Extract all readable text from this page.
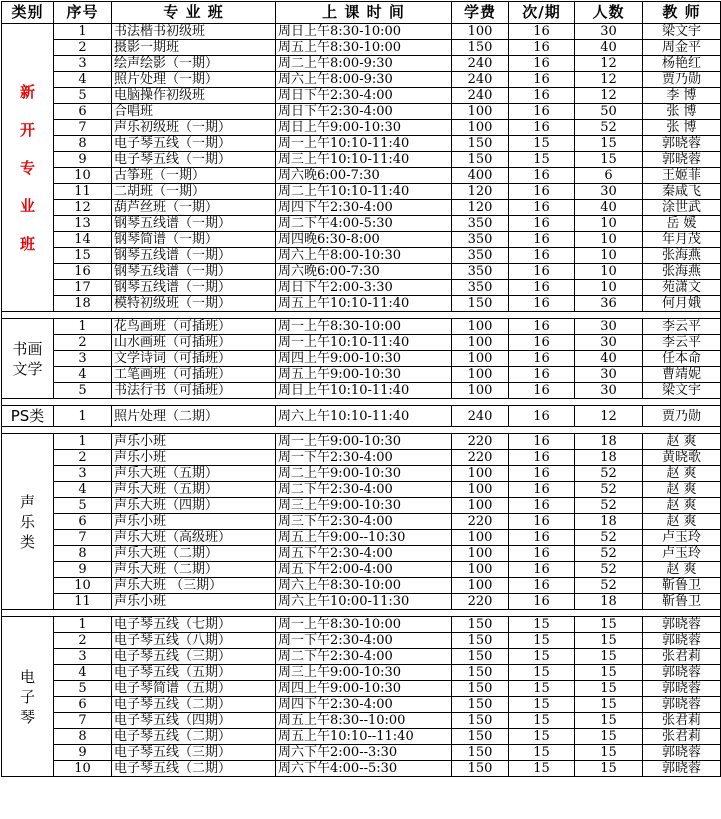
类别	序号	专 业 班	上 课 时 间	学费	次/期	人数	教 师
新开专业班	1	书法楷书初级班	周日上午8:30-10:00	100	16	30	梁文宇
	2	摄影一期班	周五上午8:30-10:00	150	16	40	周金平
	3	绘声绘影（一期）	周二上午8:00-9:30	240	16	12	杨艳红
	4	照片处理（一期）	周六上午8:00-9:30	240	16	12	贾乃勋
	5	电脑操作初级班	周日下午2:30-4:00	240	16	12	李 博
	6	合唱班	周日下午2:30-4:00	100	16	50	张 博
	7	声乐初级班（一期）	周日上午9:00-10:30	100	16	52	张 博
	8	电子琴五线（一期）	周一上午10:10-11:40	150	15	15	郭晓蓉
	9	电子琴五线（一期）	周三上午10:10-11:40	150	15	15	郭晓蓉
	10	古筝班（一期）	周六晚6:00-7:30	400	16	6	王姬菲
	11	二胡班（一期）	周二上午10:10-11:40	120	16	30	秦咸飞
	12	葫芦丝班（一期）	周四下午2:30-4:00	120	16	40	涂世武
	13	钢琴五线谱（一期）	周二下午4:00-5:30	350	16	10	岳 媛
	14	钢琴简谱（一期）	周四晚6:30-8:00	350	16	10	年月茂
	15	钢琴五线谱（一期）	周六上午8:00-10:30	350	16	10	张海燕
	16	钢琴五线谱（一期）	周六晚6:00-7:30	350	16	10	张海燕
	17	钢琴五线谱（一期）	周日下午2:00-3:30	350	16	10	苑潇文
	18	模特初级班（一期）	周五上午10:10-11:40	150	16	36	何月娥

书画文学	1	花鸟画班（可插班）	周一上午8:30-10:00	100	16	30	李云平
	2	山水画班（可插班）	周一上午10:10-11:40	100	16	30	李云平
	3	文学诗词（可插班）	周四上午9:00-10:30	100	16	40	任本命
	4	工笔画班（可插班）	周五上午9:00-10:30	100	16	30	曹靖妮
	5	书法行书（可插班）	周日上午10:10-11:40	100	16	30	梁文宇

PS类	1	照片处理（二期）	周六上午10:10-11:40	240	16	12	贾乃勋

声乐类	1	声乐小班	周一上午9:00-10:30	220	16	18	赵 爽
	2	声乐小班	周一下午2:30-4:00	220	16	18	黄晓歌
	3	声乐大班（五期）	周二上午9:00-10:30	100	16	52	赵 爽
	4	声乐大班（五期）	周二下午2:30-4:00	100	16	52	赵 爽
	5	声乐大班（四期）	周三上午9:00-10:30	100	16	52	赵 爽
	6	声乐小班	周三下午2:30-4:00	220	16	18	赵 爽
	7	声乐大班（高级班）	周五上午9:00--10:30	100	16	52	卢玉玲
	8	声乐大班（二期）	周五下午2:30-4:00	100	16	52	卢玉玲
	9	声乐大班（二期）	周五下午2:00-4:00	100	16	52	赵 爽
	10	声乐大班 （三期）	周六上午8:30-10:00	100	16	52	靳鲁卫
	11	声乐小班	周六上午10:00-11:30	220	16	18	靳鲁卫

电子琴	1	电子琴五线（七期）	周一上午8:30-10:00	150	15	15	郭晓蓉
	2	电子琴五线（八期）	周一下午2:30-4:00	150	15	15	郭晓蓉
	3	电子琴五线（三期）	周二下午2:30-4:00	150	15	15	张君莉
	4	电子琴五线（五期）	周三上午9:00-10:30	150	15	15	郭晓蓉
	5	电子琴简谱（五期）	周四上午9:00-10:30	150	15	15	郭晓蓉
	6	电子琴五线（二期）	周四下午2:30-4:00	150	15	15	郭晓蓉
	7	电子琴五线（四期）	周五上午8:30--10:00	150	15	15	张君莉
	8	电子琴五线（二期）	周五上午10:10--11:40	150	15	15	张君莉
	9	电子琴五线（三期）	周六下午2:00--3:30	150	15	15	郭晓蓉
	10	电子琴五线（二期）	周六下午4:00--5:30	150	15	15	郭晓蓉
